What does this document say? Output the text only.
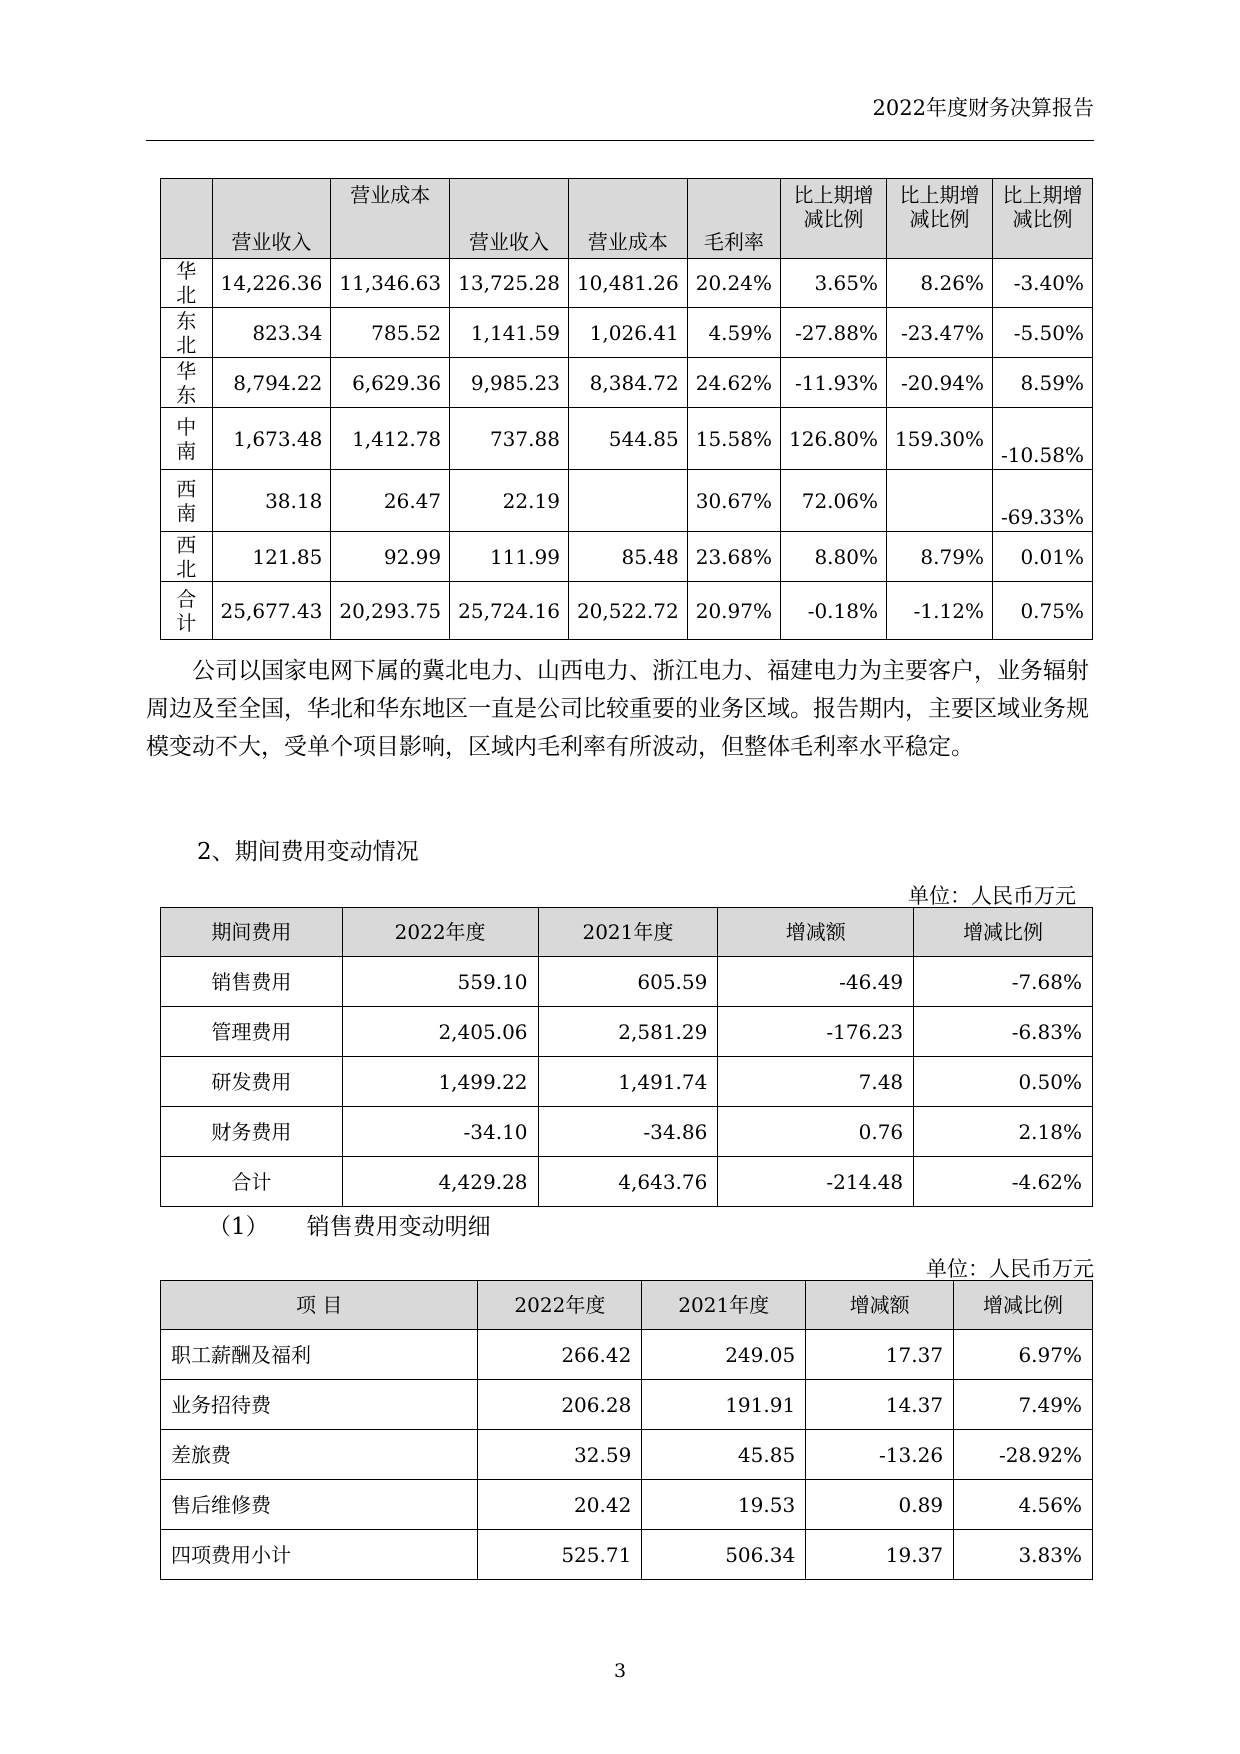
2022年度财务决算报告
	营业收入	营业成本	营业收入	营业成本	毛利率	比上期增减比例	比上期增减比例	比上期增减比例
华北	14,226.36	11,346.63	13,725.28	10,481.26	20.24%	3.65%	8.26%	-3.40%
东北	823.34	785.52	1,141.59	1,026.41	4.59%	-27.88%	-23.47%	-5.50%
华东	8,794.22	6,629.36	9,985.23	8,384.72	24.62%	-11.93%	-20.94%	8.59%
中南	1,673.48	1,412.78	737.88	544.85	15.58%	126.80%	159.30%	-10.58%
西南	38.18	26.47	22.19		30.67%	72.06%		-69.33%
西北	121.85	92.99	111.99	85.48	23.68%	8.80%	8.79%	0.01%
合计	25,677.43	20,293.75	25,724.16	20,522.72	20.97%	-0.18%	-1.12%	0.75%
公司以国家电网下属的冀北电力、山西电力、浙江电力、福建电力为主要客户，业务辐射周边及至全国，华北和华东地区一直是公司比较重要的业务区域。报告期内，主要区域业务规模变动不大，受单个项目影响，区域内毛利率有所波动，但整体毛利率水平稳定。
2、期间费用变动情况
单位：人民币万元
期间费用	2022年度	2021年度	增减额	增减比例
销售费用	559.10	605.59	-46.49	-7.68%
管理费用	2,405.06	2,581.29	-176.23	-6.83%
研发费用	1,499.22	1,491.74	7.48	0.50%
财务费用	-34.10	-34.86	0.76	2.18%
合计	4,429.28	4,643.76	-214.48	-4.62%
（1） 销售费用变动明细
单位：人民币万元
项 目	2022年度	2021年度	增减额	增减比例
职工薪酬及福利	266.42	249.05	17.37	6.97%
业务招待费	206.28	191.91	14.37	7.49%
差旅费	32.59	45.85	-13.26	-28.92%
售后维修费	20.42	19.53	0.89	4.56%
四项费用小计	525.71	506.34	19.37	3.83%
3
